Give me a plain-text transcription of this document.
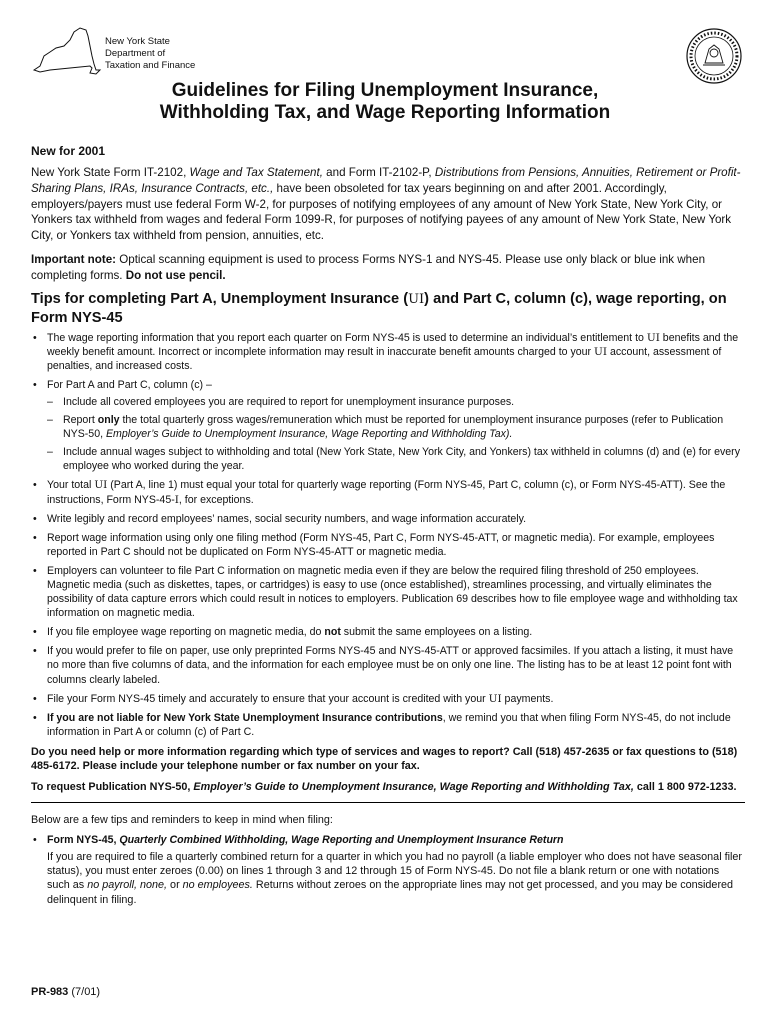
New York State
Department of
Taxation and Finance
Guidelines for Filing Unemployment Insurance,
Withholding Tax, and Wage Reporting Information

New for 2001

New York State Form IT-2102, Wage and Tax Statement, and Form IT-2102-P, Distributions from Pensions, Annuities, Retirement or Profit-Sharing Plans, IRAs, Insurance Contracts, etc., have been obsoleted for tax years beginning on and after 2001. Accordingly, employers/payers must use federal Form W-2, for purposes of notifying employees of any amount of New York State, New York City, or Yonkers tax withheld from wages and federal Form 1099-R, for purposes of notifying payees of any amount of New York State, New York City, or Yonkers tax withheld from pension, annuities, etc.

Important note: Optical scanning equipment is used to process Forms NYS-1 and NYS-45. Please use only black or blue ink when completing forms. Do not use pencil.

Tips for completing Part A, Unemployment Insurance (UI) and Part C, column (c), wage reporting, on Form NYS-45

• The wage reporting information that you report each quarter on Form NYS-45 is used to determine an individual’s entitlement to UI benefits and the weekly benefit amount. Incorrect or incomplete information may result in inaccurate benefit amounts charged to your UI account, assessment of penalties, and increased costs.
• For Part A and Part C, column (c) –
– Include all covered employees you are required to report for unemployment insurance purposes.
– Report only the total quarterly gross wages/remuneration which must be reported for unemployment insurance purposes (refer to Publication NYS-50, Employer’s Guide to Unemployment Insurance, Wage Reporting and Withholding Tax).
– Include annual wages subject to withholding and total (New York State, New York City, and Yonkers) tax withheld in columns (d) and (e) for every employee who worked during the year.
• Your total UI (Part A, line 1) must equal your total for quarterly wage reporting (Form NYS-45, Part C, column (c), or Form NYS-45-ATT). See the instructions, Form NYS-45-I, for exceptions.
• Write legibly and record employees’ names, social security numbers, and wage information accurately.
• Report wage information using only one filing method (Form NYS-45, Part C, Form NYS-45-ATT, or magnetic media). For example, employees reported in Part C should not be duplicated on Form NYS-45-ATT or magnetic media.
• Employers can volunteer to file Part C information on magnetic media even if they are below the required filing threshold of 250 employees. Magnetic media (such as diskettes, tapes, or cartridges) is easy to use (once established), streamlines processing, and virtually eliminates the possibility of data capture errors which could result in notices to employers. Publication 69 describes how to file employee wage and withholding tax information on magnetic media.
• If you file employee wage reporting on magnetic media, do not submit the same employees on a listing.
• If you would prefer to file on paper, use only preprinted Forms NYS-45 and NYS-45-ATT or approved facsimiles. If you attach a listing, it must have no more than five columns of data, and the information for each employee must be on only one line. The listing has to be at least 12 point font with columns clearly labeled.
• File your Form NYS-45 timely and accurately to ensure that your account is credited with your UI payments.
• If you are not liable for New York State Unemployment Insurance contributions, we remind you that when filing Form NYS-45, do not include information in Part A or column (c) of Part C.

Do you need help or more information regarding which type of services and wages to report? Call (518) 457-2635 or fax questions to (518) 485-6172. Please include your telephone number or fax number on your fax.

To request Publication NYS-50, Employer’s Guide to Unemployment Insurance, Wage Reporting and Withholding Tax, call 1 800 972-1233.

Below are a few tips and reminders to keep in mind when filing:

• Form NYS-45, Quarterly Combined Withholding, Wage Reporting and Unemployment Insurance Return

If you are required to file a quarterly combined return for a quarter in which you had no payroll (a liable employer who does not have seasonal filer status), you must enter zeroes (0.00) on lines 1 through 3 and 12 through 15 of Form NYS-45. Do not file a blank return or one with notations such as no payroll, none, or no employees. Returns without zeroes on the appropriate lines may not get processed, and you may be considered delinquent in filing.

PR-983 (7/01)
